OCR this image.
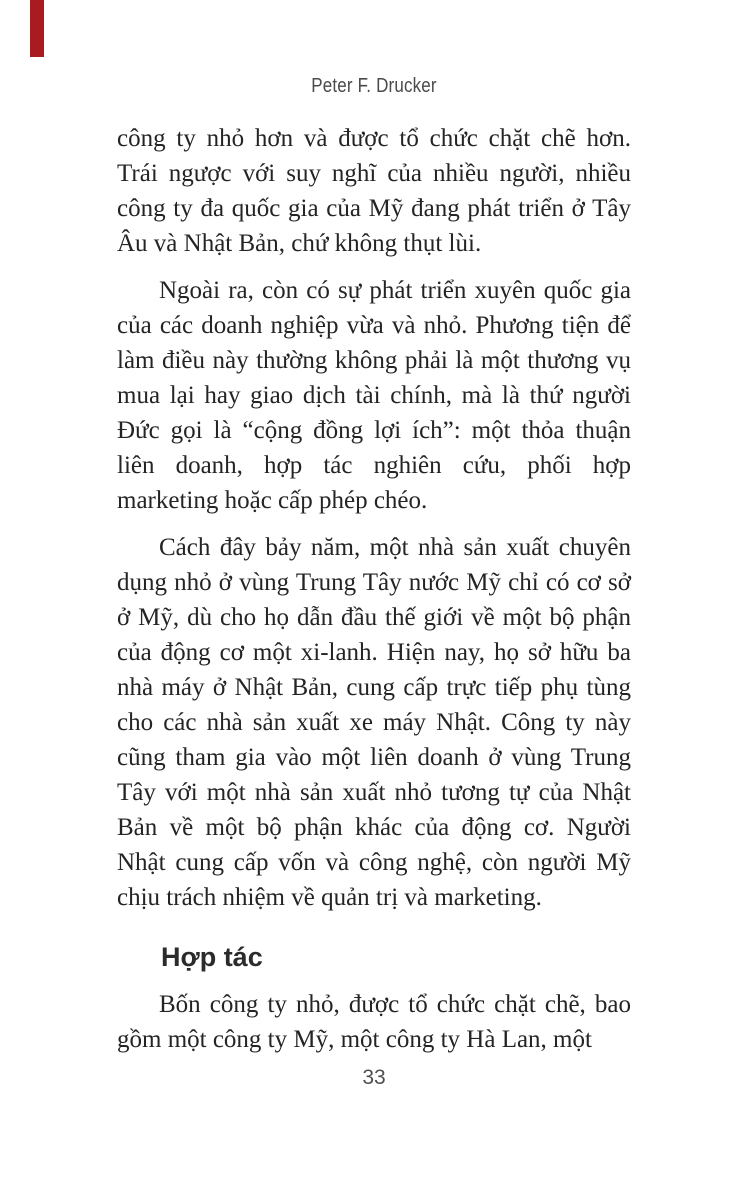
Peter F. Drucker

công ty nhỏ hơn và được tổ chức chặt chẽ hơn. Trái ngược với suy nghĩ của nhiều người, nhiều công ty đa quốc gia của Mỹ đang phát triển ở Tây Âu và Nhật Bản, chứ không thụt lùi.

Ngoài ra, còn có sự phát triển xuyên quốc gia của các doanh nghiệp vừa và nhỏ. Phương tiện để làm điều này thường không phải là một thương vụ mua lại hay giao dịch tài chính, mà là thứ người Đức gọi là “cộng đồng lợi ích”: một thỏa thuận liên doanh, hợp tác nghiên cứu, phối hợp marketing hoặc cấp phép chéo.

Cách đây bảy năm, một nhà sản xuất chuyên dụng nhỏ ở vùng Trung Tây nước Mỹ chỉ có cơ sở ở Mỹ, dù cho họ dẫn đầu thế giới về một bộ phận của động cơ một xi-lanh. Hiện nay, họ sở hữu ba nhà máy ở Nhật Bản, cung cấp trực tiếp phụ tùng cho các nhà sản xuất xe máy Nhật. Công ty này cũng tham gia vào một liên doanh ở vùng Trung Tây với một nhà sản xuất nhỏ tương tự của Nhật Bản về một bộ phận khác của động cơ. Người Nhật cung cấp vốn và công nghệ, còn người Mỹ chịu trách nhiệm về quản trị và marketing.

Hợp tác

Bốn công ty nhỏ, được tổ chức chặt chẽ, bao gồm một công ty Mỹ, một công ty Hà Lan, một

33
